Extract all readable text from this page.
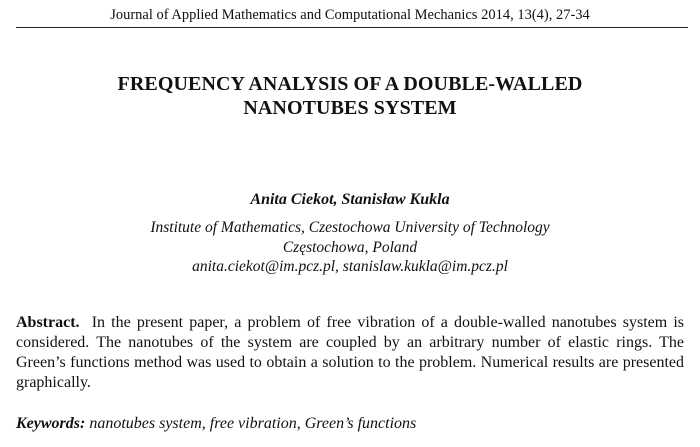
Journal of Applied Mathematics and Computational Mechanics 2014, 13(4), 27-34
FREQUENCY ANALYSIS OF A DOUBLE-WALLED
NANOTUBES SYSTEM
Anita Ciekot, Stanisław Kukla
Institute of Mathematics, Czestochowa University of Technology
Częstochowa, Poland
anita.ciekot@im.pcz.pl, stanislaw.kukla@im.pcz.pl
Abstract. In the present paper, a problem of free vibration of a double-walled nanotubes system is considered. The nanotubes of the system are coupled by an arbitrary number of elastic rings. The Green’s functions method was used to obtain a solution to the problem. Numerical results are presented graphically.
Keywords: nanotubes system, free vibration, Green’s functions
